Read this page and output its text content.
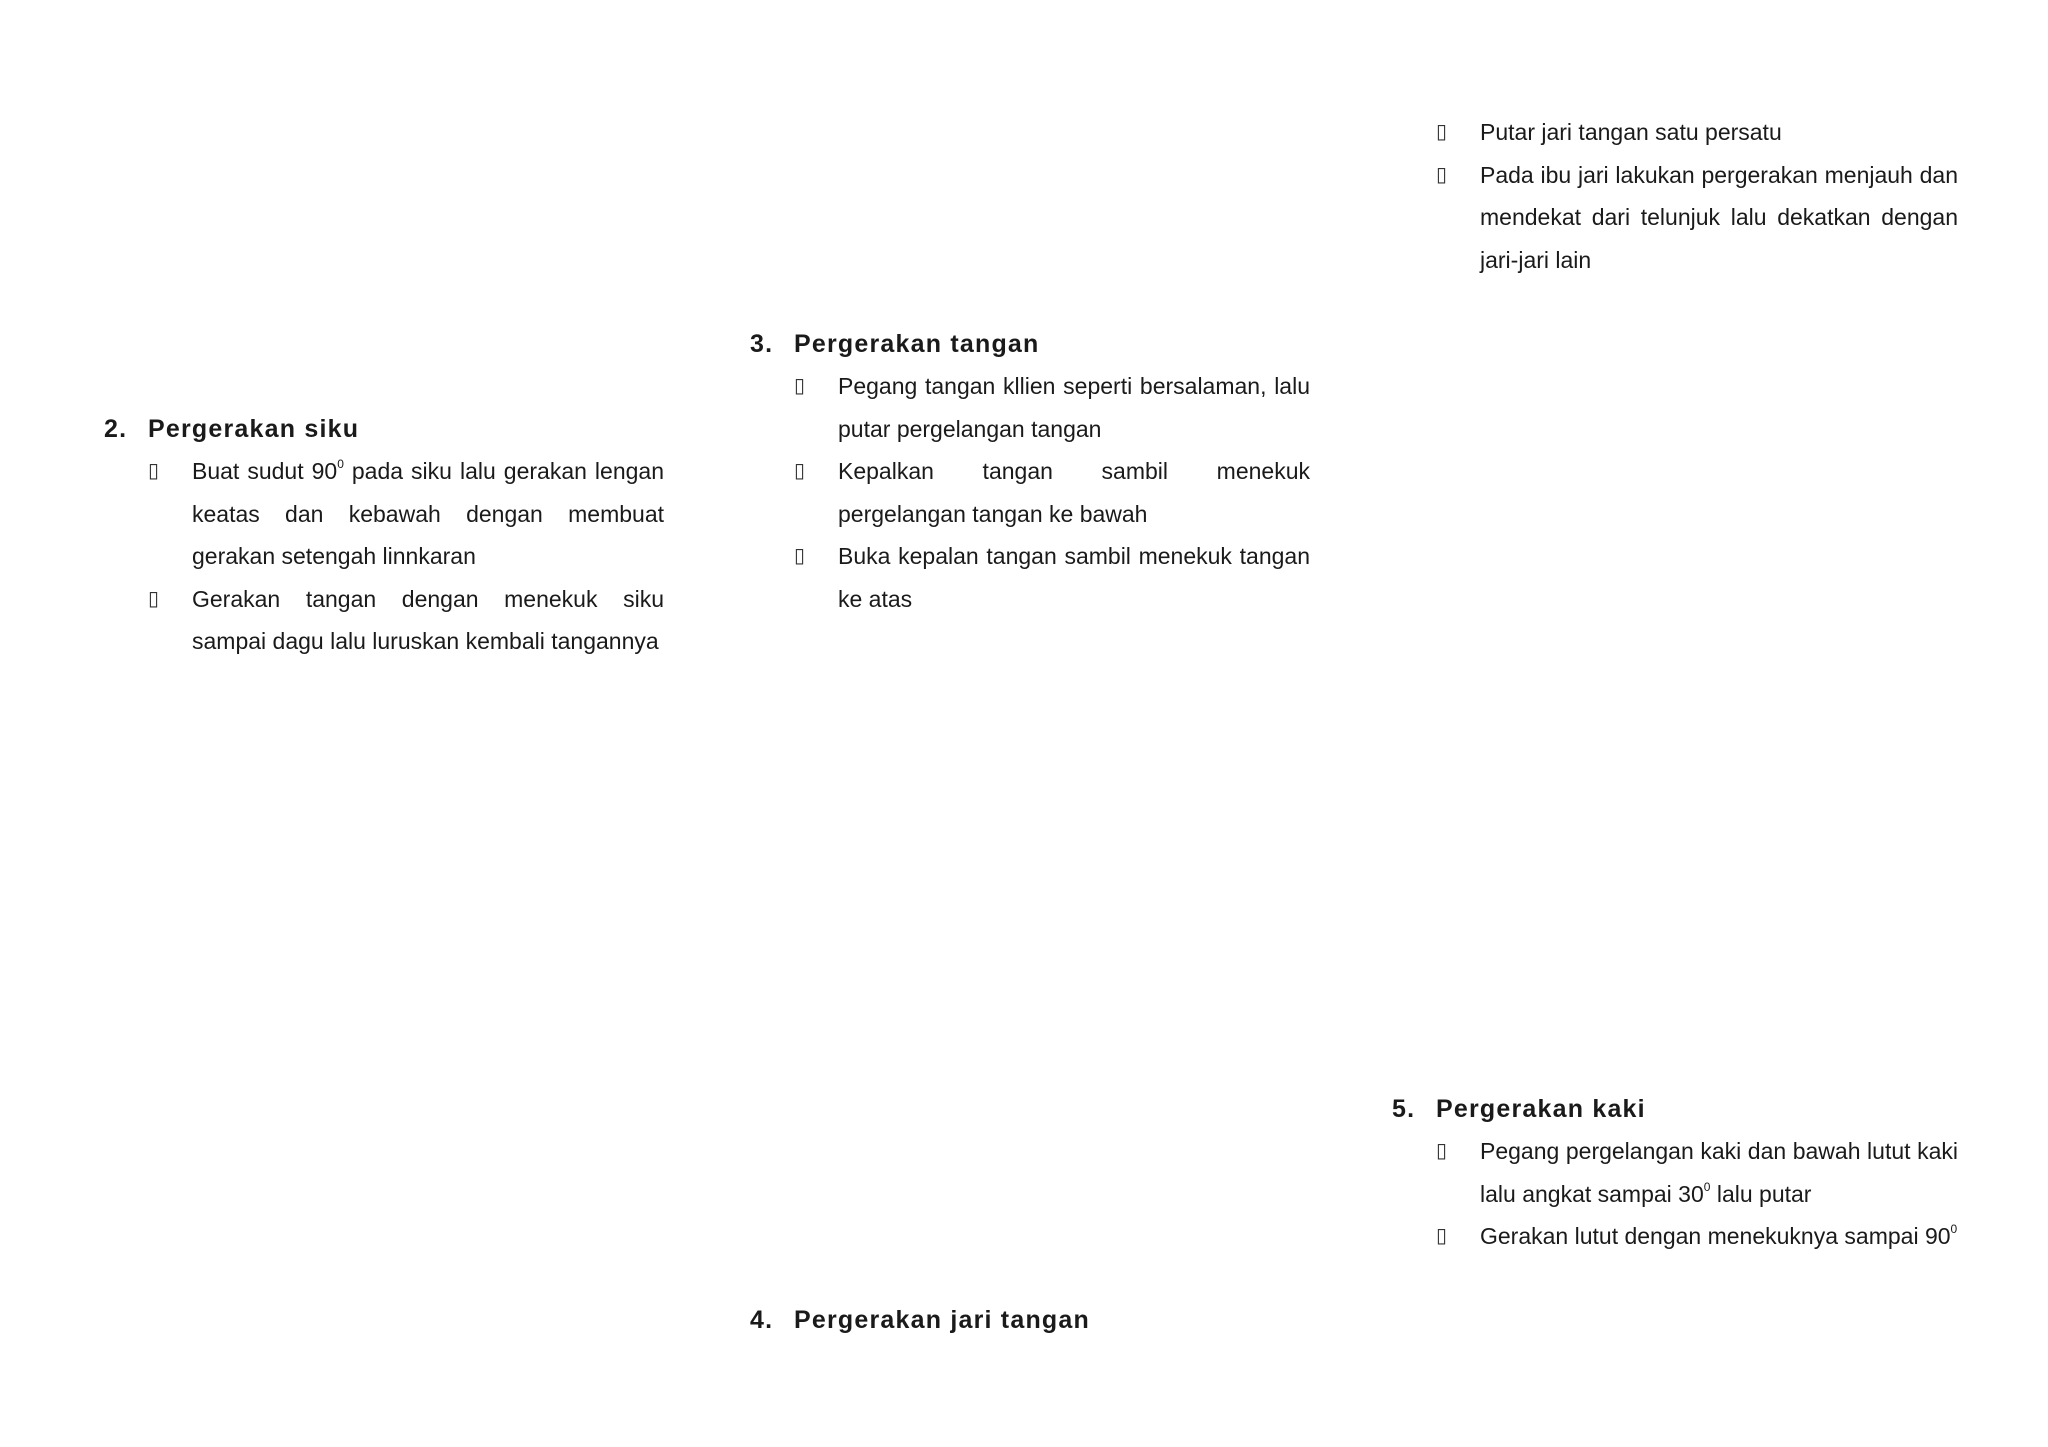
▯ Putar jari tangan satu persatu
▯ Pada ibu jari lakukan pergerakan menjauh dan mendekat dari telunjuk lalu dekatkan dengan jari-jari lain
2. Pergerakan siku
▯ Buat sudut $90^0$ pada siku lalu gerakan lengan keatas dan kebawah dengan membuat gerakan setengah linnkaran
▯ Gerakan tangan dengan menekuk siku sampai dagu lalu luruskan kembali tangannya
3. Pergerakan tangan
▯ Pegang tangan kllien seperti bersalaman, lalu putar pergelangan tangan
▯ Kepalkan tangan sambil menekuk pergelangan tangan ke bawah
▯ Buka kepalan tangan sambil menekuk tangan ke atas
4. Pergerakan jari tangan
5. Pergerakan kaki
▯ Pegang pergelangan kaki dan bawah lutut kaki lalu angkat sampai $30^0$ lalu putar
▯ Gerakan lutut dengan menekuknya sampai $90^0$
